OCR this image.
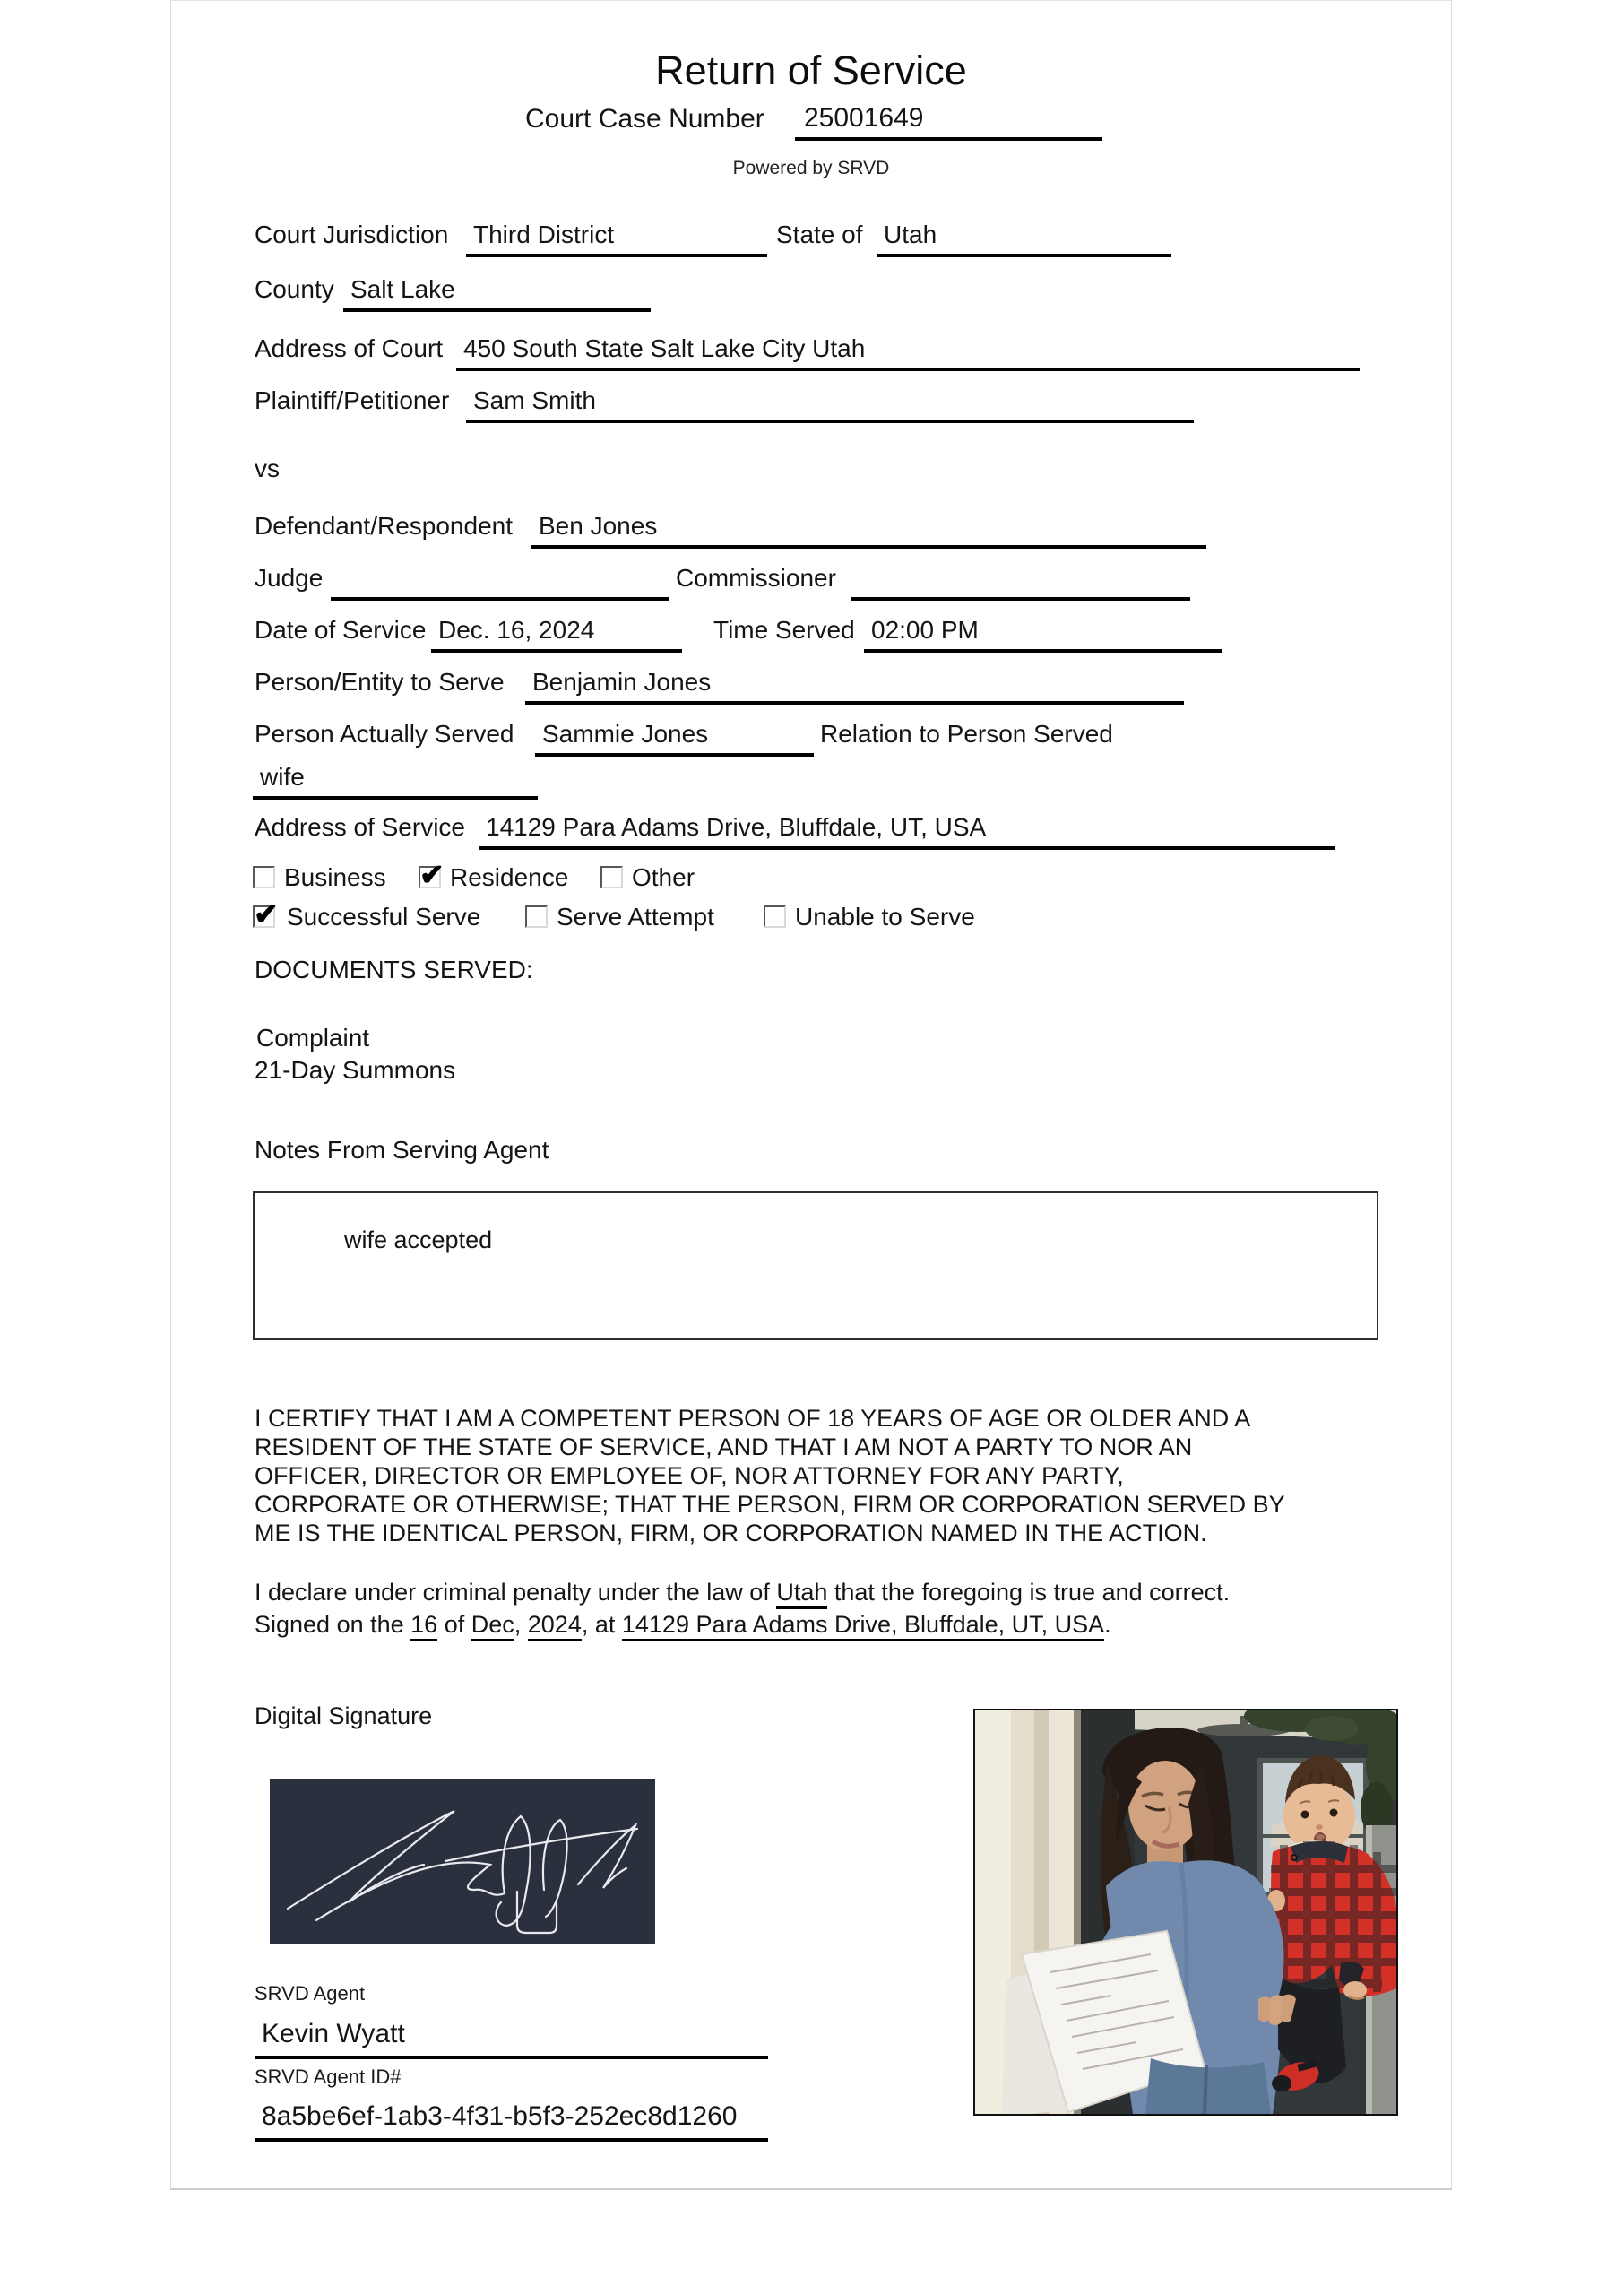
Return of Service
Court Case Number	25001649
Powered by SRVD
Court Jurisdiction Third District	State of Utah
County Salt Lake
Address of Court 450 South State Salt Lake City Utah
Plaintiff/Petitioner Sam Smith
vs
Defendant/Respondent Ben Jones
Judge	Commissioner
Date of Service Dec. 16, 2024	Time Served 02:00 PM
Person/Entity to Serve Benjamin Jones
Person Actually Served Sammie Jones	Relation to Person Served
wife
Address of Service 14129 Para Adams Drive, Bluffdale, UT, USA
Business ✔ Residence	Other
✔ Successful Serve	Serve Attempt	Unable to Serve
DOCUMENTS SERVED:
Complaint
21-Day Summons
Notes From Serving Agent
wife accepted
I CERTIFY THAT I AM A COMPETENT PERSON OF 18 YEARS OF AGE OR OLDER AND A
RESIDENT OF THE STATE OF SERVICE, AND THAT I AM NOT A PARTY TO NOR AN
OFFICER, DIRECTOR OR EMPLOYEE OF, NOR ATTORNEY FOR ANY PARTY,
CORPORATE OR OTHERWISE; THAT THE PERSON, FIRM OR CORPORATION SERVED BY
ME IS THE IDENTICAL PERSON, FIRM, OR CORPORATION NAMED IN THE ACTION.
I declare under criminal penalty under the law of Utah that the foregoing is true and correct.
Signed on the 16 of Dec, 2024, at 14129 Para Adams Drive, Bluffdale, UT, USA.
Digital Signature
SRVD Agent
Kevin Wyatt
SRVD Agent ID#
8a5be6ef-1ab3-4f31-b5f3-252ec8d1260
